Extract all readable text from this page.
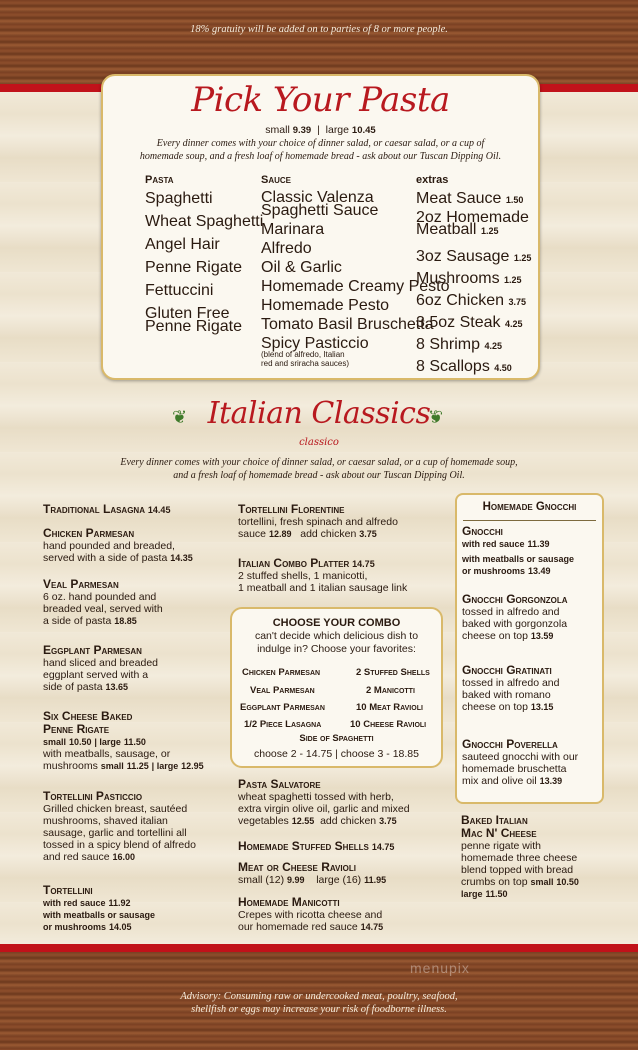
18% gratuity will be added on to parties of 8 or more people.
Pick Your Pasta
small 9.39 | large 10.45
Every dinner comes with your choice of dinner salad, or caesar salad, or a cup of
homemade soup, and a fresh loaf of homemade bread - ask about our Tuscan Dipping Oil.
Pasta
Spaghetti
Wheat Spaghetti
Angel Hair
Penne Rigate
Fettuccini
Gluten Free
Penne Rigate
Sauce
Classic Valenza
Spaghetti Sauce
Marinara
Alfredo
Oil & Garlic
Homemade Creamy Pesto
Homemade Pesto
Tomato Basil Bruschetta
Spicy Pasticcio
(blend of alfredo, Italian
red and sriracha sauces)
extras
Meat Sauce 1.50
2oz Homemade
Meatball 1.25
3oz Sausage 1.25
Mushrooms 1.25
6oz Chicken 3.75
3.5oz Steak 4.25
8 Shrimp 4.25
8 Scallops 4.50
❦	❦
Italian Classics
classico
Every dinner comes with your choice of dinner salad, or caesar salad, or a cup of homemade soup,
and a fresh loaf of homemade bread - ask about our Tuscan Dipping Oil.
Traditional Lasagna 14.45
Chicken Parmesan
hand pounded and breaded,
served with a side of pasta 14.35
Veal Parmesan
6 oz. hand pounded and
breaded veal, served with
a side of pasta 18.85
Eggplant Parmesan
hand sliced and breaded
eggplant served with a
side of pasta 13.65
Six Cheese Baked
Penne Rigate
small 10.50 | large 11.50
with meatballs, sausage, or
mushrooms small 11.25 | large 12.95
Tortellini Pasticcio
Grilled chicken breast, sautéed
mushrooms, shaved italian
sausage, garlic and tortellini all
tossed in a spicy blend of alfredo
and red sauce 16.00
Tortellini
with red sauce 11.92
with meatballs or sausage
or mushrooms 14.05
Tortellini Florentine
tortellini, fresh spinach and alfredo
sauce 12.89 add chicken 3.75
Italian Combo Platter 14.75
2 stuffed shells, 1 manicotti,
1 meatball and 1 italian sausage link
CHOOSE YOUR COMBO
can't decide which delicious dish to
indulge in? Choose your favorites:
Chicken Parmesan
Veal Parmesan
Eggplant Parmesan
1/2 Piece Lasagna
2 Stuffed Shells
2 Manicotti
10 Meat Ravioli
10 Cheese Ravioli
Side of Spaghetti
choose 2 - 14.75 | choose 3 - 18.85
Pasta Salvatore
wheat spaghetti tossed with herb,
extra virgin olive oil, garlic and mixed
vegetables 12.55 add chicken 3.75
Homemade Stuffed Shells 14.75
Meat or Cheese Ravioli
small (12) 9.99 large (16) 11.95
Homemade Manicotti
Crepes with ricotta cheese and
our homemade red sauce 14.75
Homemade Gnocchi
Gnocchi
with red sauce 11.39
with meatballs or sausage
or mushrooms 13.49
Gnocchi Gorgonzola
tossed in alfredo and
baked with gorgonzola
cheese on top 13.59
Gnocchi Gratinati
tossed in alfredo and
baked with romano
cheese on top 13.15
Gnocchi Poverella
sauteed gnocchi with our
homemade bruschetta
mix and olive oil 13.39
Baked Italian
Mac N' Cheese
penne rigate with
homemade three cheese
blend topped with bread
crumbs on top small 10.50
large 11.50
menupix
Advisory: Consuming raw or undercooked meat, poultry, seafood,
shellfish or eggs may increase your risk of foodborne illness.
